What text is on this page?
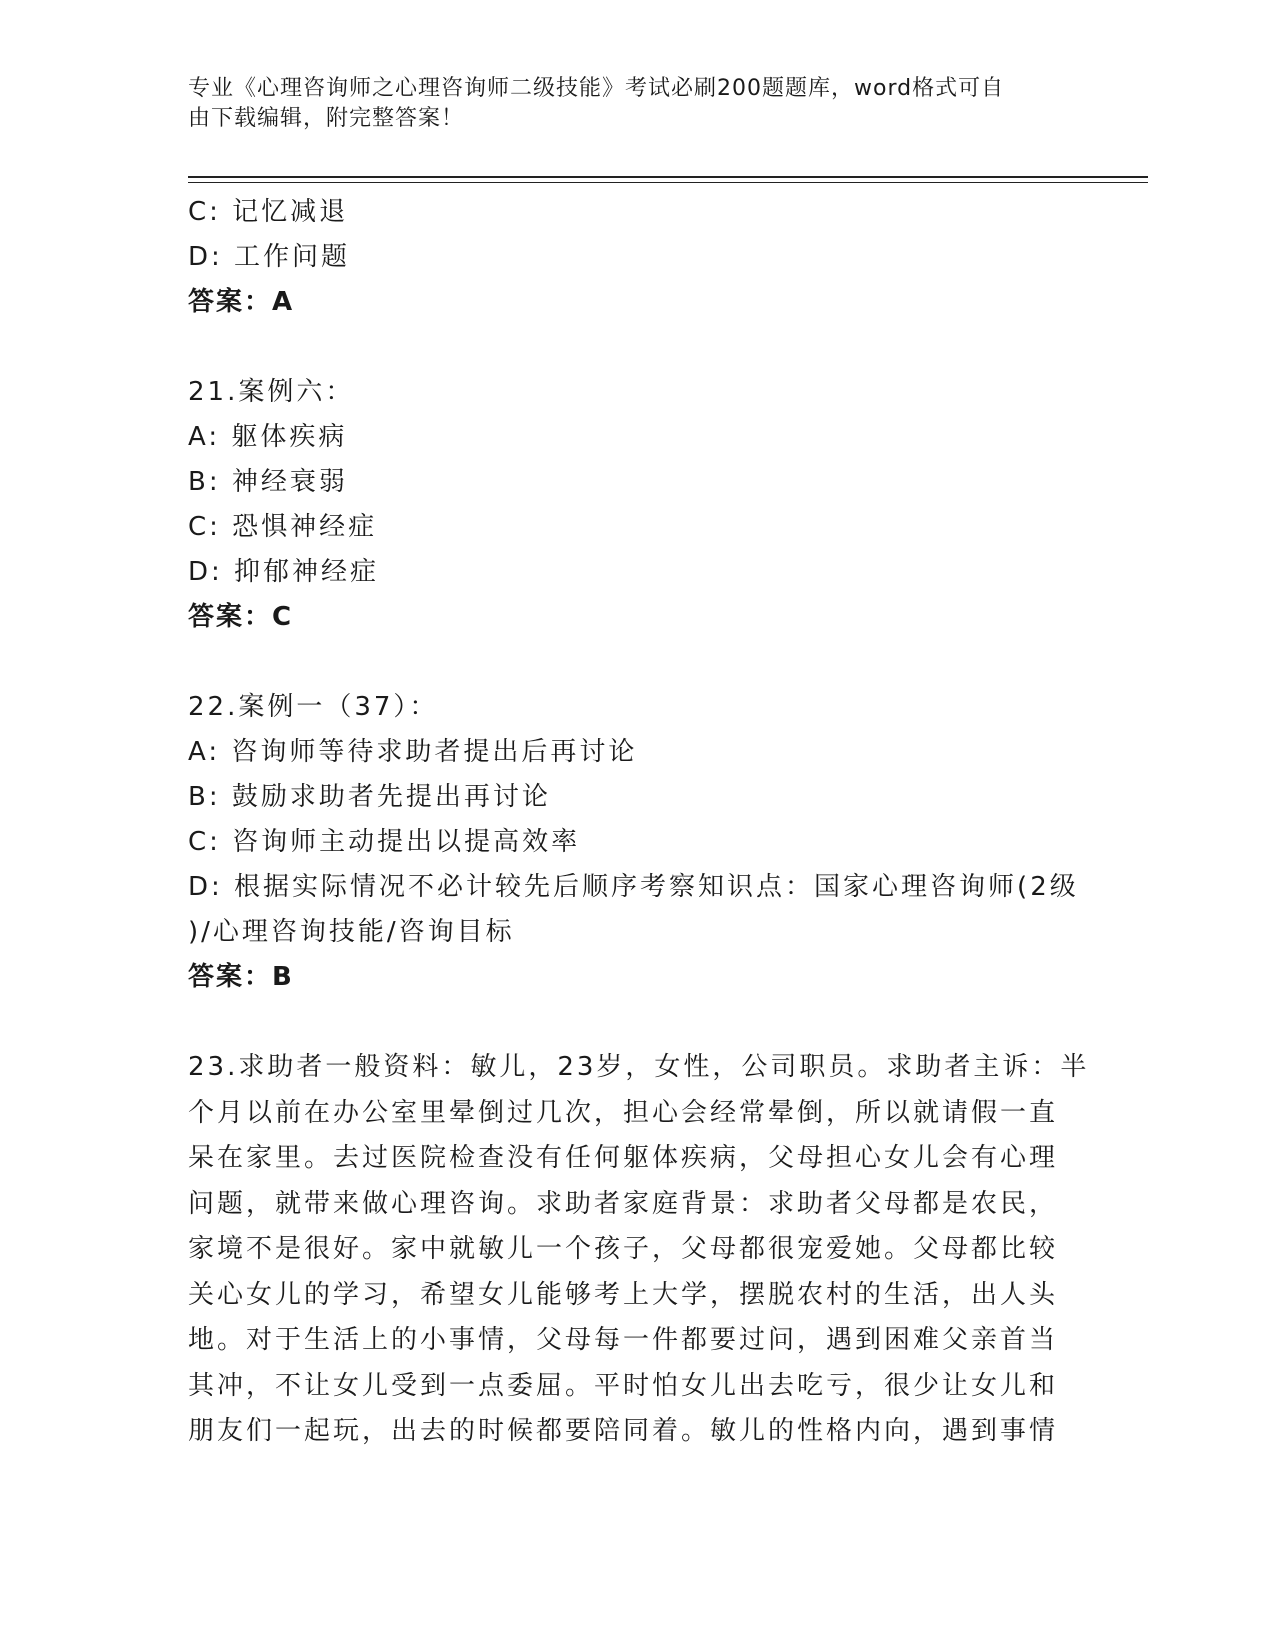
专业《心理咨询师之心理咨询师二级技能》考试必刷200题题库，word格式可自
由下载编辑，附完整答案！
C: 记忆减退
D: 工作问题
答案：A
21.案例六：
A: 躯体疾病
B: 神经衰弱
C: 恐惧神经症
D: 抑郁神经症
答案：C
22.案例一（37）：
A: 咨询师等待求助者提出后再讨论
B: 鼓励求助者先提出再讨论
C: 咨询师主动提出以提高效率
D: 根据实际情况不必计较先后顺序考察知识点：国家心理咨询师(2级
)/心理咨询技能/咨询目标
答案：B
23.求助者一般资料：敏儿，23岁，女性，公司职员。求助者主诉：半
个月以前在办公室里晕倒过几次，担心会经常晕倒，所以就请假一直
呆在家里。去过医院检查没有任何躯体疾病，父母担心女儿会有心理
问题，就带来做心理咨询。求助者家庭背景：求助者父母都是农民，
家境不是很好。家中就敏儿一个孩子，父母都很宠爱她。父母都比较
关心女儿的学习，希望女儿能够考上大学，摆脱农村的生活，出人头
地。对于生活上的小事情，父母每一件都要过问，遇到困难父亲首当
其冲，不让女儿受到一点委屈。平时怕女儿出去吃亏，很少让女儿和
朋友们一起玩，出去的时候都要陪同着。敏儿的性格内向，遇到事情
